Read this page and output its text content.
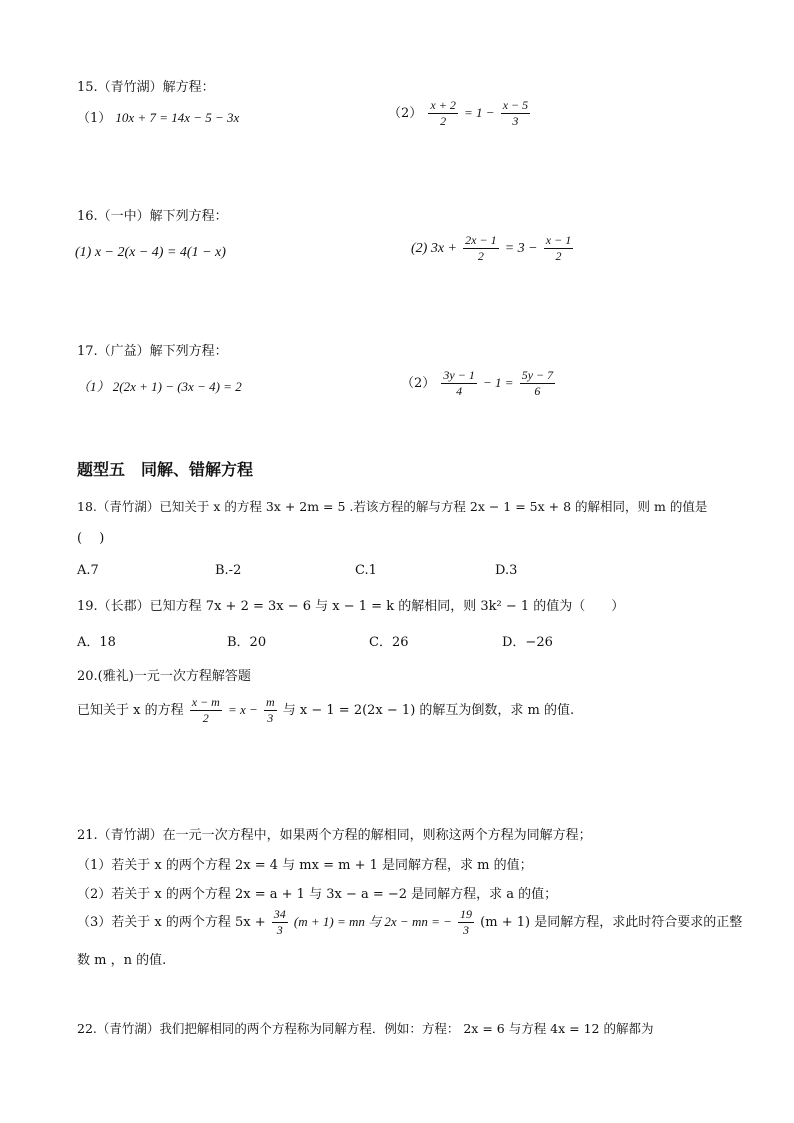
15.（青竹湖）解方程：
（1） 10x + 7 = 14x − 5 − 3x	$(2) \frac{x + 2}{2} = 1 - \frac{x - 5}{3}$
16.（一中）解下列方程：
(1) x − 2(x − 4) = 4(1 − x)	(2) $3x + \frac{2x - 1}{2} = 3 - \frac{x - 1}{2}$
17.（广益）解下列方程：
（1） 2(2x + 1) − (3x − 4) = 2	$(2) \frac{3y - 1}{4} - 1 = \frac{5y - 7}{6}$
题型五　同解、错解方程
18.（青竹湖）已知关于 x 的方程 3x + 2m = 5 .若该方程的解与方程 2x − 1 = 5x + 8 的解相同，则 m 的值是
(　 )
A.7	B.-2	C.1	D.3
19.（长郡）已知方程 7x + 2 = 3x − 6 与 x − 1 = k 的解相同，则 3k² − 1 的值为（　　）
A．18	B．20	C．26	D．−26
20.(雅礼)一元一次方程解答题
已知关于 x 的方程 $\frac{x - m}{2} = x - \frac{m}{3}$ 与 x − 1 = 2(2x − 1) 的解互为倒数，求 m 的值.
21.（青竹湖）在一元一次方程中，如果两个方程的解相同，则称这两个方程为同解方程；
（1）若关于 x 的两个方程 2x = 4 与 mx = m + 1 是同解方程，求 m 的值；
（2）若关于 x 的两个方程 2x = a + 1 与 3x − a = −2 是同解方程，求 a 的值；
（3）若关于 x 的两个方程 $5x + \frac{34}{3} (m + 1)$ = mn 与 2x − mn = − $\frac{19}{3} (m + 1)$ 是同解方程，求此时符合要求的正整
数 m ，n 的值.
22.（青竹湖）我们把解相同的两个方程称为同解方程．例如：方程： 2x = 6 与方程 4x = 12 的解都为
